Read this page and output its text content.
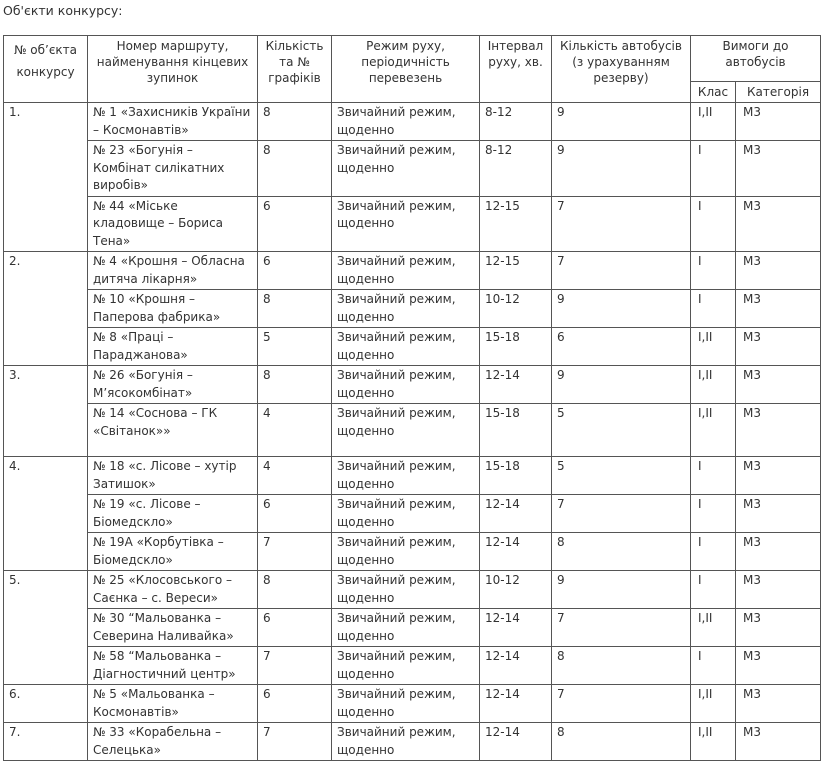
Об'єкти конкурсу:
№ об’єкта конкурсу	Номер маршруту, найменування кінцевих зупинок	Кількість та № графіків	Режим руху, періодичність перевезень	Інтервал руху, хв.	Кількість автобусів (з урахуванням резерву)	Вимоги до автобусів	
						Клас	Категорія
1.	№ 1 «Захисників України – Космонавтів»	8	Звичайний режим, щоденно	8-12	9	I,II	М3
	№ 23 «Богунія – Комбінат силікатних виробів»	8	Звичайний режим, щоденно	8-12	9	I	М3
	№ 44 «Міське кладовище – Бориса Тена»	6	Звичайний режим, щоденно	12-15	7	I	М3
2.	№ 4 «Крошня – Обласна дитяча лікарня»	6	Звичайний режим, щоденно	12-15	7	I	М3
	№ 10 «Крошня – Паперова фабрика»	8	Звичайний режим, щоденно	10-12	9	I	М3
	№ 8 «Праці – Параджанова»	5	Звичайний режим, щоденно	15-18	6	I,II	М3
3.	№ 26 «Богунія – М’ясокомбінат»	8	Звичайний режим, щоденно	12-14	9	I,II	М3
	№ 14 «Соснова – ГК «Світанок»»	4	Звичайний режим, щоденно	15-18	5	I,II	М3
4.	№ 18 «с. Лісове – хутір Затишок»	4	Звичайний режим, щоденно	15-18	5	I	М3
	№ 19 «с. Лісове – Біомедскло»	6	Звичайний режим, щоденно	12-14	7	I	М3
	№ 19А «Корбутівка – Біомедскло»	7	Звичайний режим, щоденно	12-14	8	I	М3
5.	№ 25 «Клосовського – Саєнка – с. Вереси»	8	Звичайний режим, щоденно	10-12	9	I	М3
	№ 30 “Мальованка – Северина Наливайка»	6	Звичайний режим, щоденно	12-14	7	I,II	М3
	№ 58 “Мальованка – Діагностичний центр»	7	Звичайний режим, щоденно	12-14	8	I	М3
6.	№ 5 «Мальованка – Космонавтів»	6	Звичайний режим, щоденно	12-14	7	I,II	М3
7.	№ 33 «Корабельна – Селецька»	7	Звичайний режим, щоденно	12-14	8	I,II	М3
